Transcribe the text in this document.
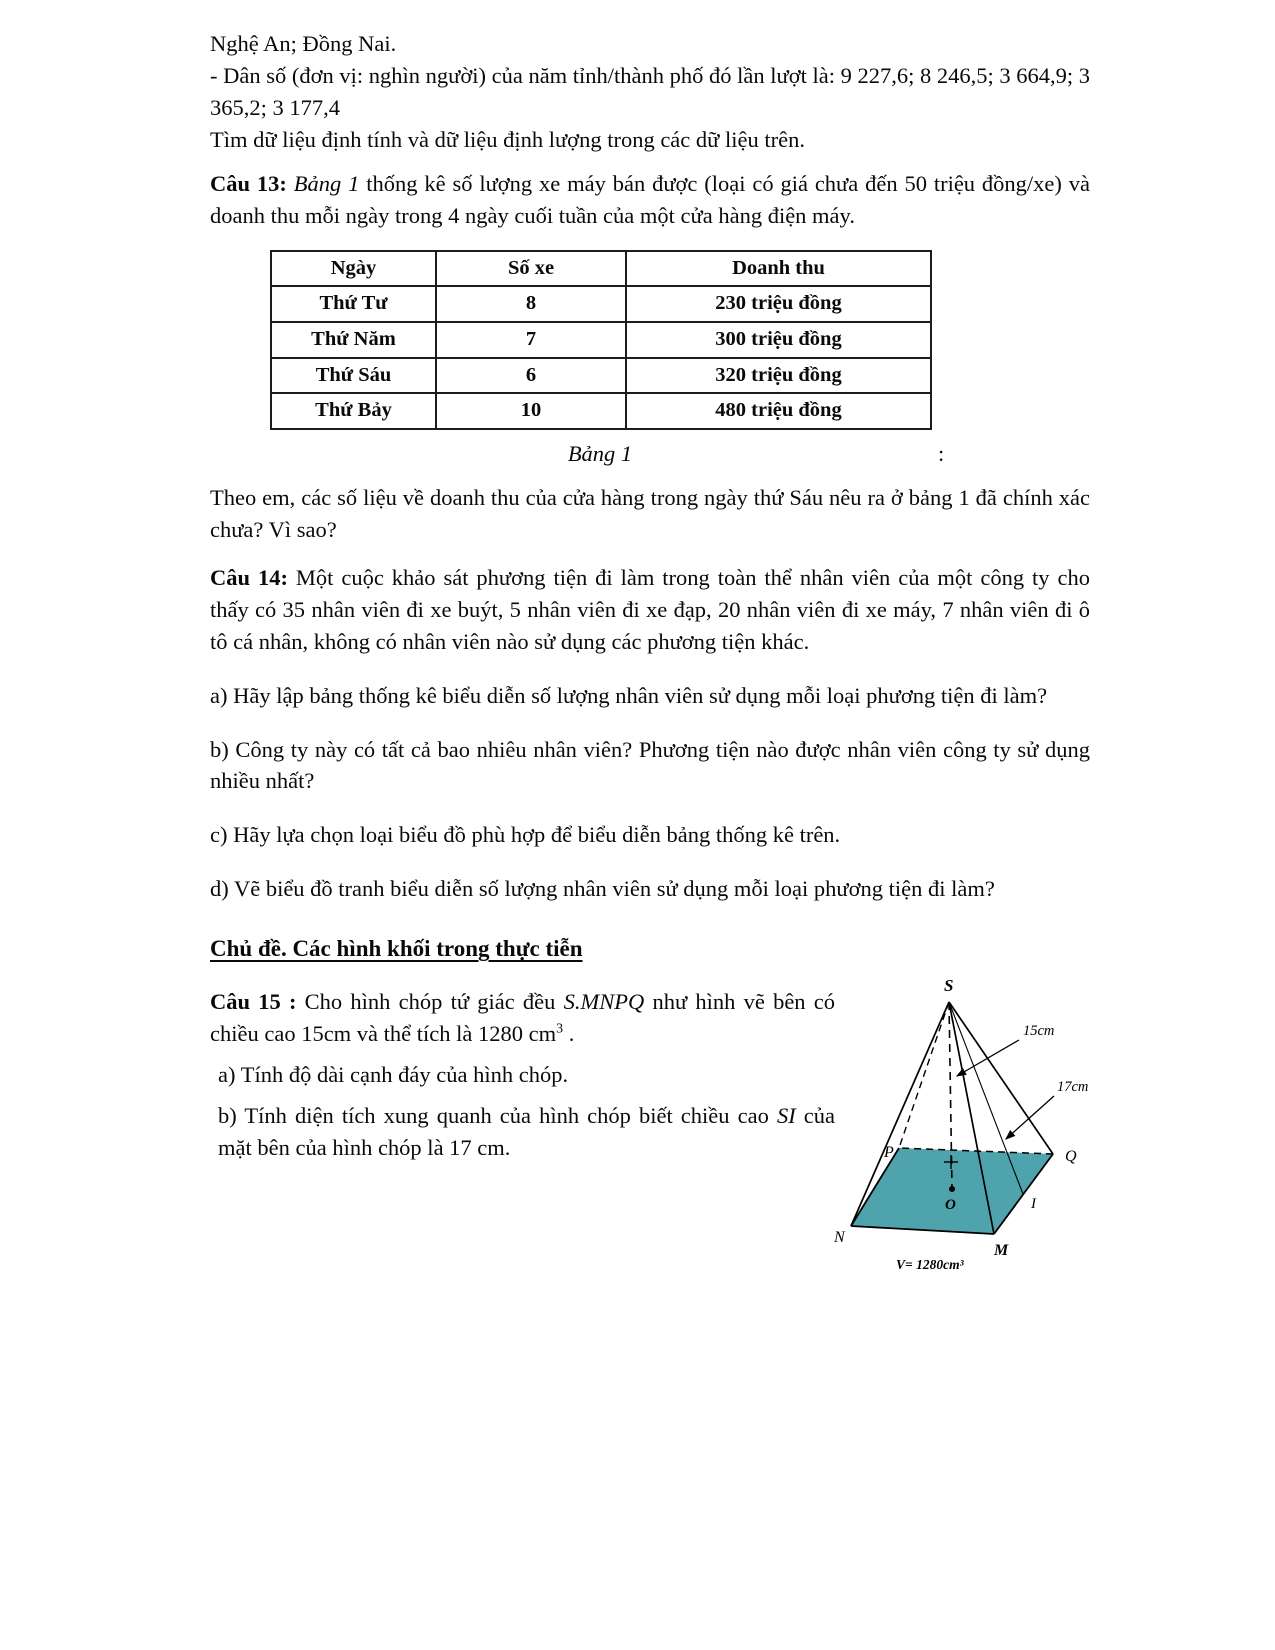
Nghệ An; Đồng Nai.

- Dân số (đơn vị: nghìn người) của năm tỉnh/thành phố đó lần lượt là: 9 227,6; 8 246,5; 3 664,9; 3 365,2; 3 177,4

Tìm dữ liệu định tính và dữ liệu định lượng trong các dữ liệu trên.

Câu 13: Bảng 1 thống kê số lượng xe máy bán được (loại có giá chưa đến 50 triệu đồng/xe) và doanh thu mỗi ngày trong 4 ngày cuối tuần của một cửa hàng điện máy.

Ngày	Số xe	Doanh thu
Thứ Tư	8	230 triệu đồng
Thứ Năm	7	300 triệu đồng
Thứ Sáu	6	320 triệu đồng
Thứ Bảy	10	480 triệu đồng
Bảng 1	:

Theo em, các số liệu về doanh thu của cửa hàng trong ngày thứ Sáu nêu ra ở bảng 1 đã chính xác chưa? Vì sao?

Câu 14: Một cuộc khảo sát phương tiện đi làm trong toàn thể nhân viên của một công ty cho thấy có 35 nhân viên đi xe buýt, 5 nhân viên đi xe đạp, 20 nhân viên đi xe máy, 7 nhân viên đi ô tô cá nhân, không có nhân viên nào sử dụng các phương tiện khác.

a) Hãy lập bảng thống kê biểu diễn số lượng nhân viên sử dụng mỗi loại phương tiện đi làm?

b) Công ty này có tất cả bao nhiêu nhân viên? Phương tiện nào được nhân viên công ty sử dụng nhiều nhất?

c) Hãy lựa chọn loại biểu đồ phù hợp để biểu diễn bảng thống kê trên.

d) Vẽ biểu đồ tranh biểu diễn số lượng nhân viên sử dụng mỗi loại phương tiện đi làm?

Chủ đề. Các hình khối trong thực tiễn

Câu 15 : Cho hình chóp tứ giác đều S.MNPQ như hình vẽ bên có chiều cao 15cm và thể tích là 1280 $cm^3$ .

a) Tính độ dài cạnh đáy của hình chóp.

b) Tính diện tích xung quanh của hình chóp biết chiều cao SI của mặt bên của hình chóp là 17 cm.

S
15cm
17cm
P	Q
O	I
N
M
V= 1280cm³
